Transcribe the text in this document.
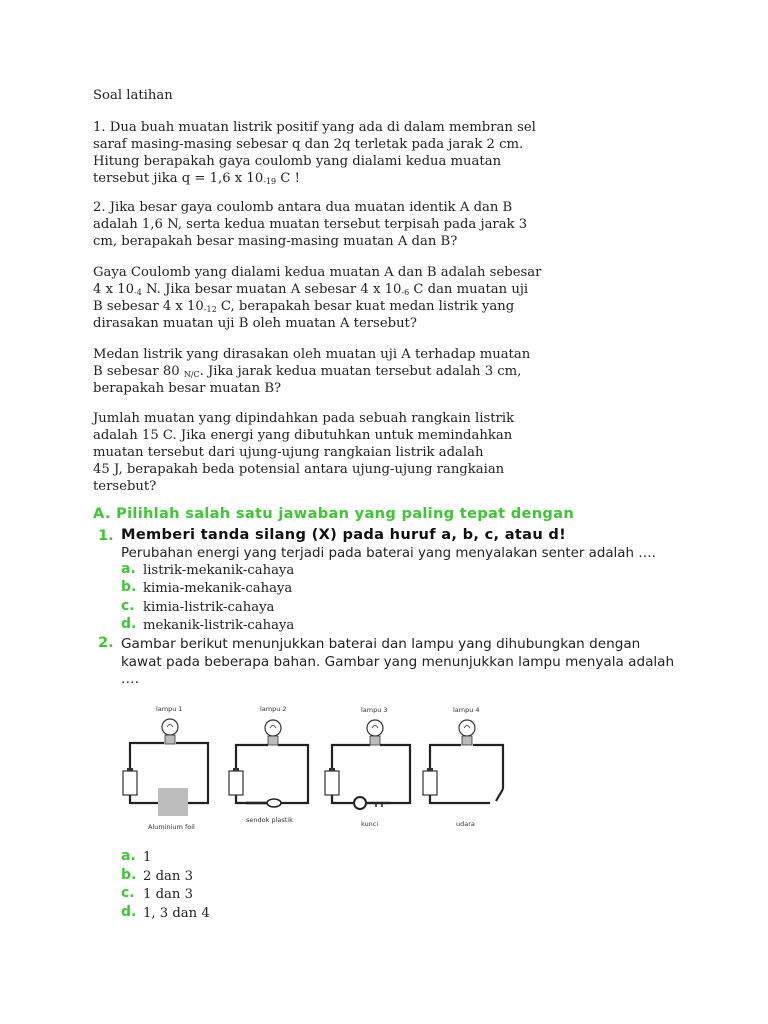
Soal latihan
1. Dua buah muatan listrik positif yang ada di dalam membran sel
saraf masing-masing sebesar q dan 2q terletak pada jarak 2 cm.
Hitung berapakah gaya coulomb yang dialami kedua muatan
tersebut jika q = 1,6 x $10_{-19}$ C !
2. Jika besar gaya coulomb antara dua muatan identik A dan B
adalah 1,6 N, serta kedua muatan tersebut terpisah pada jarak 3
cm, berapakah besar masing-masing muatan A dan B?
Gaya Coulomb yang dialami kedua muatan A dan B adalah sebesar
4 x $10_{-4}$ N. Jika besar muatan A sebesar 4 x $10_{-6}$ C dan muatan uji
B sebesar 4 x $10_{-12}$ C, berapakah besar kuat medan listrik yang
dirasakan muatan uji B oleh muatan A tersebut?
Medan listrik yang dirasakan oleh muatan uji A terhadap muatan
B sebesar 80 $_{N/C}$. Jika jarak kedua muatan tersebut adalah 3 cm,
berapakah besar muatan B?
Jumlah muatan yang dipindahkan pada sebuah rangkain listrik
adalah 15 C. Jika energi yang dibutuhkan untuk memindahkan
muatan tersebut dari ujung-ujung rangkaian listrik adalah
45 J, berapakah beda potensial antara ujung-ujung rangkaian
tersebut?
A. Pilihlah salah satu jawaban yang paling tepat dengan
1. Memberi tanda silang (X) pada huruf a, b, c, atau d!
Perubahan energi yang terjadi pada baterai yang menyalakan senter adalah ….
a. listrik-mekanik-cahaya
b. kimia-mekanik-cahaya
c. kimia-listrik-cahaya
d. mekanik-listrik-cahaya
2. Gambar berikut menunjukkan baterai dan lampu yang dihubungkan dengan
kawat pada beberapa bahan. Gambar yang menunjukkan lampu menyala adalah
….
lampu 1	lampu 2	lampu 3	lampu 4
Aluminium foil
sendok plastik	kunci	udara
a. 1
b. 2 dan 3
c. 1 dan 3
d. 1, 3 dan 4
